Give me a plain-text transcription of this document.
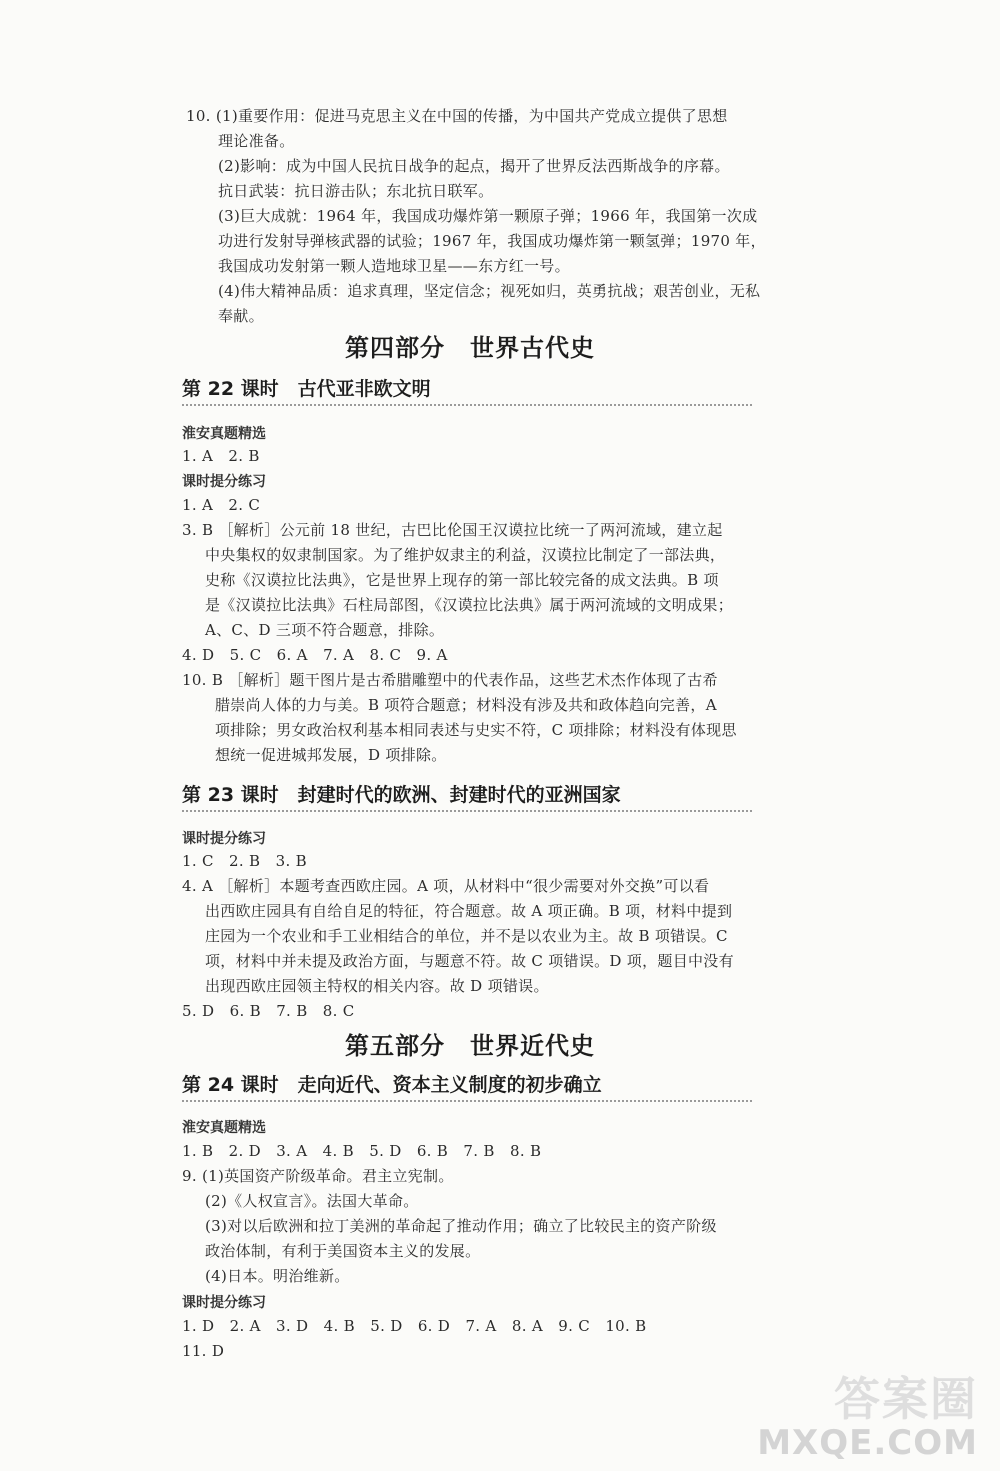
10. (1)重要作用：促进马克思主义在中国的传播，为中国共产党成立提供了思想
理论准备。
(2)影响：成为中国人民抗日战争的起点，揭开了世界反法西斯战争的序幕。
抗日武装：抗日游击队；东北抗日联军。
(3)巨大成就：1964 年，我国成功爆炸第一颗原子弹；1966 年，我国第一次成
功进行发射导弹核武器的试验；1967 年，我国成功爆炸第一颗氢弹；1970 年，
我国成功发射第一颗人造地球卫星——东方红一号。
(4)伟大精神品质：追求真理，坚定信念；视死如归，英勇抗战；艰苦创业，无私
奉献。
第四部分　世界古代史
第 22 课时　古代亚非欧文明
淮安真题精选
1. A　2. B
课时提分练习
1. A　2. C
3. B ［解析］公元前 18 世纪，古巴比伦国王汉谟拉比统一了两河流域，建立起
中央集权的奴隶制国家。为了维护奴隶主的利益，汉谟拉比制定了一部法典，
史称《汉谟拉比法典》，它是世界上现存的第一部比较完备的成文法典。B 项
是《汉谟拉比法典》石柱局部图，《汉谟拉比法典》属于两河流域的文明成果；
A、C、D 三项不符合题意，排除。
4. D　5. C　6. A　7. A　8. C　9. A
10. B ［解析］题干图片是古希腊雕塑中的代表作品，这些艺术杰作体现了古希
腊崇尚人体的力与美。B 项符合题意；材料没有涉及共和政体趋向完善，A
项排除；男女政治权利基本相同表述与史实不符，C 项排除；材料没有体现思
想统一促进城邦发展，D 项排除。
第 23 课时　封建时代的欧洲、封建时代的亚洲国家
课时提分练习
1. C　2. B　3. B
4. A ［解析］本题考查西欧庄园。A 项，从材料中“很少需要对外交换”可以看
出西欧庄园具有自给自足的特征，符合题意。故 A 项正确。B 项，材料中提到
庄园为一个农业和手工业相结合的单位，并不是以农业为主。故 B 项错误。C
项，材料中并未提及政治方面，与题意不符。故 C 项错误。D 项，题目中没有
出现西欧庄园领主特权的相关内容。故 D 项错误。
5. D　6. B　7. B　8. C
第五部分　世界近代史
第 24 课时　走向近代、资本主义制度的初步确立
淮安真题精选
1. B　2. D　3. A　4. B　5. D　6. B　7. B　8. B
9. (1)英国资产阶级革命。君主立宪制。
(2)《人权宣言》。法国大革命。
(3)对以后欧洲和拉丁美洲的革命起了推动作用；确立了比较民主的资产阶级
政治体制，有利于美国资本主义的发展。
(4)日本。明治维新。
课时提分练习
1. D　2. A　3. D　4. B　5. D　6. D　7. A　8. A　9. C　10. B
11. D
答案圈
MXQE.COM
